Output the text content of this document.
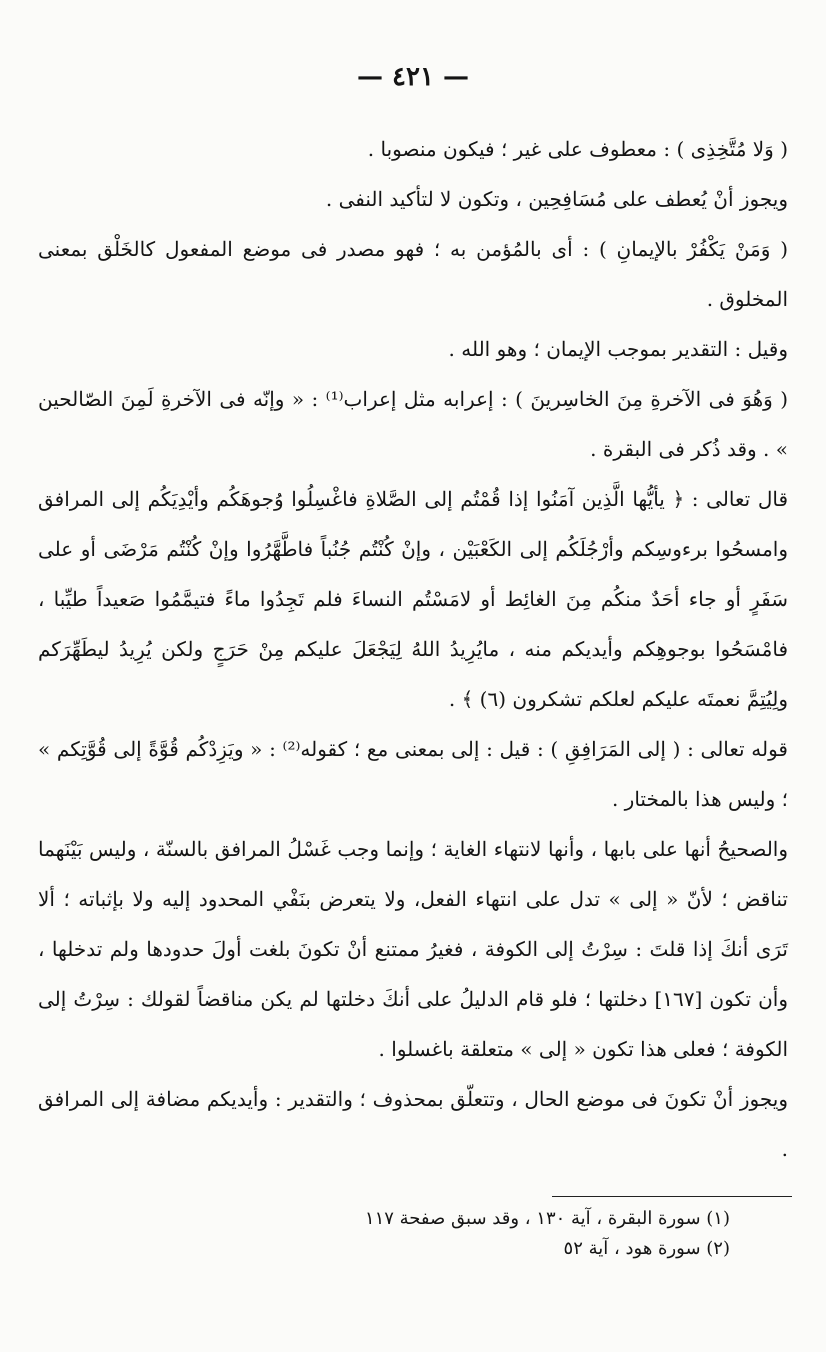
— ٤٢١ —

( وَلا مُتَّخِذِى ) : معطوف على غير ؛ فيكون منصوبا .

ويجوز أنْ يُعطف على مُسَافِحِين ، وتكون لا لتأكيد النفى .

( وَمَنْ يَكْفُرْ بالإيمانِ ) : أى بالمُؤمن به ؛ فهو مصدر فى موضع المفعول كالخَلْق بمعنى المخلوق .

وقيل : التقدير بموجب الإيمان ؛ وهو الله .

( وَهُوَ فى الآخرةِ مِنَ الخاسِرينَ ) : إعرابه مثل إعراب⁽¹⁾ : « وإنّه فى الآخرةِ لَمِنَ الصّالحين » . وقد ذُكر فى البقرة .

قال تعالى : ﴿ يأيُّها الَّذِين آمَنُوا إذا قُمْتُم إلى الصَّلاةِ فاغْسِلُوا وُجوهَكُم وأيْدِيَكُم إلى المرافق وامسحُوا برءوسِكم وأرْجُلَكُم إلى الكَعْبَيْن ، وإنْ كُنْتُم جُنُباً فاطَّهَّرُوا وإنْ كُنْتُم مَرْضَى أو على سَفَرٍ أو جاء أحَدٌ منكُم مِنَ الغائِط أو لامَسْتُم النساءَ فلم تَجِدُوا ماءً فتيمَّمُوا صَعيداً طيِّبا ، فامْسَحُوا بوجوهِكم وأيديكم منه ، مايُرِيدُ اللهُ لِيَجْعَلَ عليكم مِنْ حَرَجٍ ولكن يُرِيدُ ليطَهِّرَكم ولِيُتِمَّ نعمتَه عليكم لعلكم تشكرون (٦) ﴾ .

قوله تعالى : ( إلى المَرَافِقِ ) : قيل : إلى بمعنى مع ؛ كقوله⁽²⁾ : « ويَزِدْكُم قُوَّةً إلى قُوَّتِكم » ؛ وليس هذا بالمختار .

والصحيحُ أنها على بابها ، وأنها لانتهاء الغاية ؛ وإنما وجب غَسْلُ المرافق بالسنّة ، وليس بَيْنَهما تناقض ؛ لأنّ « إلى » تدل على انتهاء الفعل، ولا يتعرض بنَفْي المحدود إليه ولا بإثباته ؛ ألا تَرَى أنكَ إذا قلتَ : سِرْتُ إلى الكوفة ، فغيرُ ممتنع أنْ تكونَ بلغت أولَ حدودها ولم تدخلها ، وأن تكون [١٦٧] دخلتها ؛ فلو قام الدليلُ على أنكَ دخلتها لم يكن مناقضاً لقولك : سِرْتُ إلى الكوفة ؛ فعلى هذا تكون « إلى » متعلقة باغسلوا .

ويجوز أنْ تكونَ فى موضع الحال ، وتتعلّق بمحذوف ؛ والتقدير : وأيديكم مضافة إلى المرافق .

(١) سورة البقرة ، آية ١٣٠ ، وقد سبق صفحة ١١٧
(٢) سورة هود ، آية ٥٢
